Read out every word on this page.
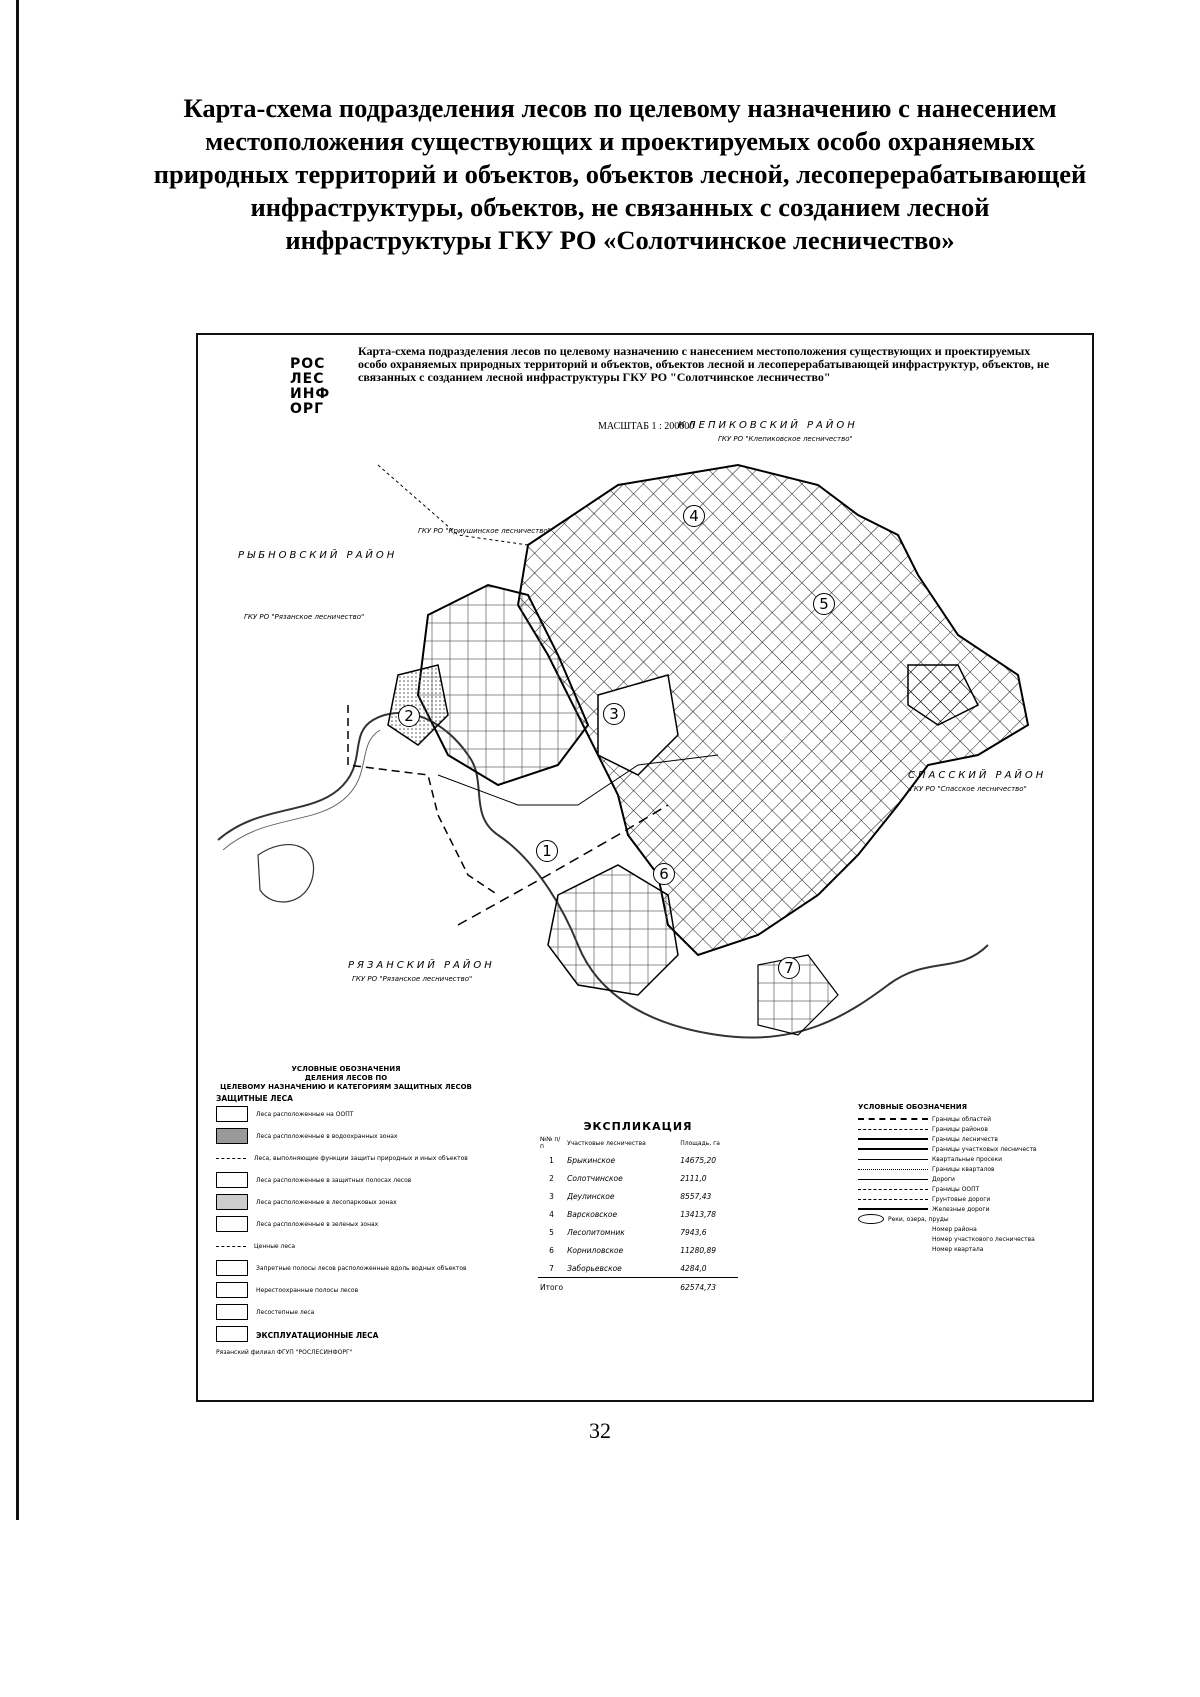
Карта-схема подразделения лесов по целевому назначению с нанесением местоположения существующих и проектируемых особо охраняемых природных территорий и объектов, объектов лесной, лесоперерабатывающей инфраструктуры, объектов, не связанных с созданием лесной инфраструктуры ГКУ РО «Солотчинское лесничество»
РОС
ЛЕС
ИНФ
ОРГ

Карта-схема подразделения лесов по целевому назначению с нанесением местоположения существующих и проектируемых особо охраняемых природных территорий и объектов, объектов лесной и лесоперерабатывающей инфраструктур, объектов, не связанных с созданием лесной инфраструктуры ГКУ РО "Солотчинское лесничество"

МАСШТАБ 1 : 200000
КЛЕПИКОВСКИЙ РАЙОН
ГКУ РО "Клепиковское лесничество"
ГКУ РО "Криушинское лесничество"
РЫБНОВСКИЙ РАЙОН
ГКУ РО "Рязанское лесничество"
СПАССКИЙ РАЙОН
ГКУ РО "Спасское лесничество"
РЯЗАНСКИЙ РАЙОН
ГКУ РО "Рязанское лесничество"
1
2	3
4
5
6
7
УСЛОВНЫЕ ОБОЗНАЧЕНИЯ
ДЕЛЕНИЯ ЛЕСОВ ПО
ЦЕЛЕВОМУ НАЗНАЧЕНИЮ И КАТЕГОРИЯМ ЗАЩИТНЫХ ЛЕСОВ
ЗАЩИТНЫЕ ЛЕСА
Леса расположенные на ООПТ
Леса расположенные в водоохранных зонах
Леса, выполняющие функции защиты природных и иных объектов
Леса расположенные в защитных полосах лесов
Леса расположенные в лесопарковых зонах
Леса расположенные в зеленых зонах
Ценные леса
Запретные полосы лесов расположенные вдоль водных объектов
Нерестоохранные полосы лесов
Лесостепные леса
ЭКСПЛУАТАЦИОННЫЕ ЛЕСА
Рязанский филиал ФГУП "РОСЛЕСИНФОРГ"
ЭКСПЛИКАЦИЯ
№№ п/п	Участковые лесничества	Площадь, га
1	Брыкинское	14675,20
2	Солотчинское	2111,0
3	Деулинское	8557,43
4	Варсковское	13413,78
5	Лесопитомник	7943,6
6	Корниловское	11280,89
7	Заборьевское	4284,0
Итого		62574,73
УСЛОВНЫЕ ОБОЗНАЧЕНИЯ
Границы областей
Границы районов
Границы лесничеств
Границы участковых лесничеств
Квартальные просеки
Границы кварталов
Дороги
Границы ООПТ
Грунтовые дороги
Железные дороги
Реки, озера, пруды
Номер района
Номер участкового лесничества
Номер квартала
32
